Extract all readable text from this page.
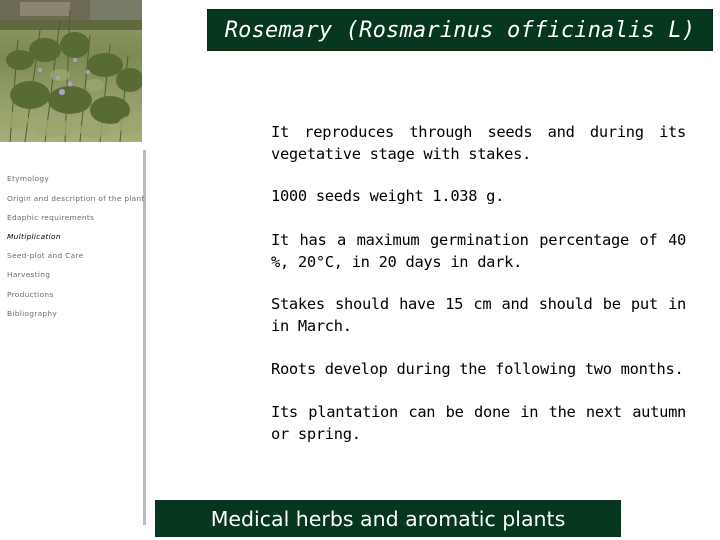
Rosemary (Rosmarinus officinalis L)
Etymology
Origin and description of the plant
Edaphic requirements
Multiplication
Seed-plot and Care
Harvesting
Productions
Bibliography

It reproduces through seeds and during its vegetative stage with stakes.

1000 seeds weight 1.038 g.

It has a maximum germination percentage of 40 %, 20°C, in 20 days in dark.

Stakes should have 15 cm and should be put in in March.

Roots develop during the following two months.

Its plantation can be done in the next autumn or spring.

Medical herbs and aromatic plants
